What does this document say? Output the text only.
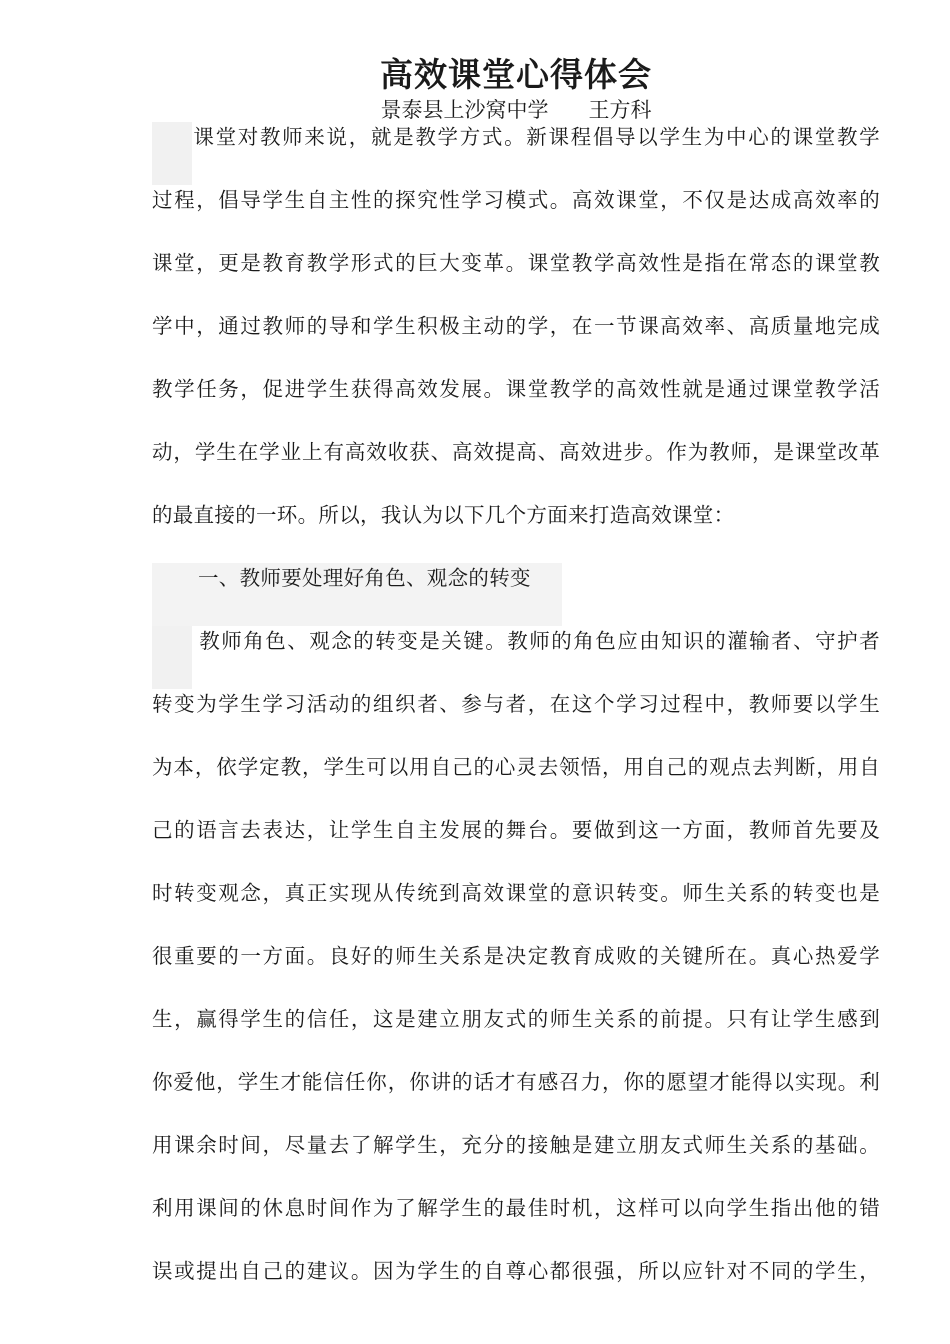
高效课堂心得体会
景泰县上沙窝中学      王方科
课堂对教师来说，就是教学方式。新课程倡导以学生为中心的课堂教学
过程，倡导学生自主性的探究性学习模式。高效课堂，不仅是达成高效率的
课堂，更是教育教学形式的巨大变革。课堂教学高效性是指在常态的课堂教
学中，通过教师的导和学生积极主动的学，在一节课高效率、高质量地完成
教学任务，促进学生获得高效发展。课堂教学的高效性就是通过课堂教学活
动，学生在学业上有高效收获、高效提高、高效进步。作为教师，是课堂改革
的最直接的一环。所以，我认为以下几个方面来打造高效课堂：
一、教师要处理好角色、观念的转变
教师角色、观念的转变是关键。教师的角色应由知识的灌输者、守护者
转变为学生学习活动的组织者、参与者，在这个学习过程中，教师要以学生
为本，依学定教，学生可以用自己的心灵去领悟，用自己的观点去判断，用自
己的语言去表达，让学生自主发展的舞台。要做到这一方面，教师首先要及
时转变观念，真正实现从传统到高效课堂的意识转变。师生关系的转变也是
很重要的一方面。良好的师生关系是决定教育成败的关键所在。真心热爱学
生，赢得学生的信任，这是建立朋友式的师生关系的前提。只有让学生感到
你爱他，学生才能信任你，你讲的话才有感召力，你的愿望才能得以实现。利
用课余时间，尽量去了解学生，充分的接触是建立朋友式师生关系的基础。
利用课间的休息时间作为了解学生的最佳时机，这样可以向学生指出他的错
误或提出自己的建议。因为学生的自尊心都很强，所以应针对不同的学生，
